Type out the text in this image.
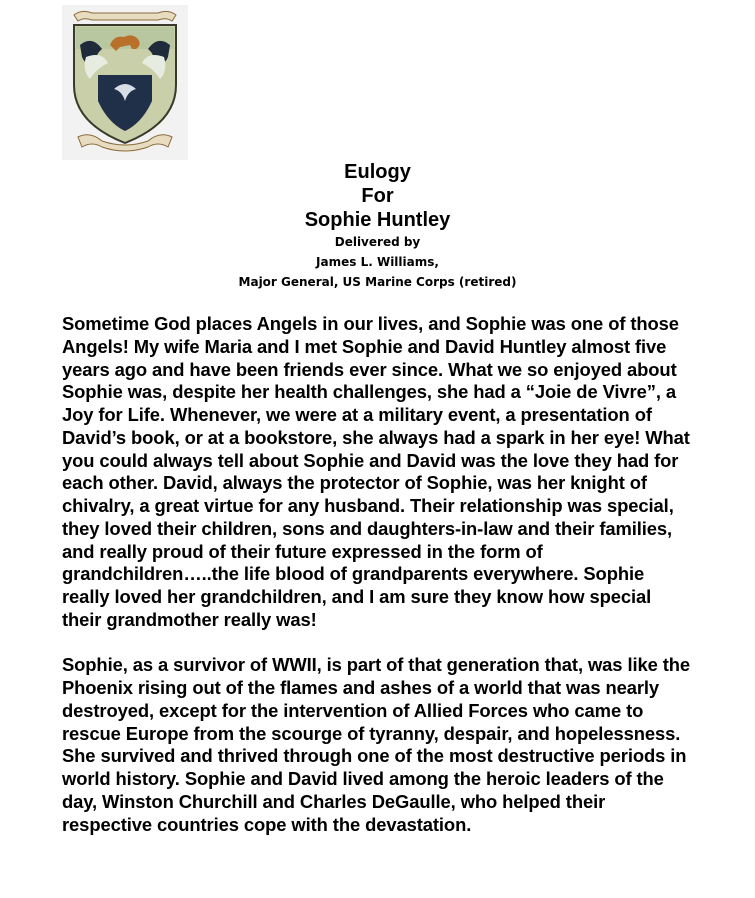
Eulogy
For
Sophie Huntley
Delivered by
James L. Williams,
Major General, US Marine Corps (retired)

Sometime God places Angels in our lives, and Sophie was one of those Angels! My wife Maria and I met Sophie and David Huntley almost five years ago and have been friends ever since. What we so enjoyed about Sophie was, despite her health challenges, she had a “Joie de Vivre”, a Joy for Life. Whenever, we were at a military event, a presentation of David’s book, or at a bookstore, she always had a spark in her eye! What you could always tell about Sophie and David was the love they had for each other. David, always the protector of Sophie, was her knight of chivalry, a great virtue for any husband. Their relationship was special, they loved their children, sons and daughters-in-law and their families, and really proud of their future expressed in the form of grandchildren…..the life blood of grandparents everywhere. Sophie really loved her grandchildren, and I am sure they know how special their grandmother really was!

Sophie, as a survivor of WWII, is part of that generation that, was like the Phoenix rising out of the flames and ashes of a world that was nearly destroyed, except for the intervention of Allied Forces who came to rescue Europe from the scourge of tyranny, despair, and hopelessness. She survived and thrived through one of the most destructive periods in world history. Sophie and David lived among the heroic leaders of the day, Winston Churchill and Charles DeGaulle, who helped their respective countries cope with the devastation.
